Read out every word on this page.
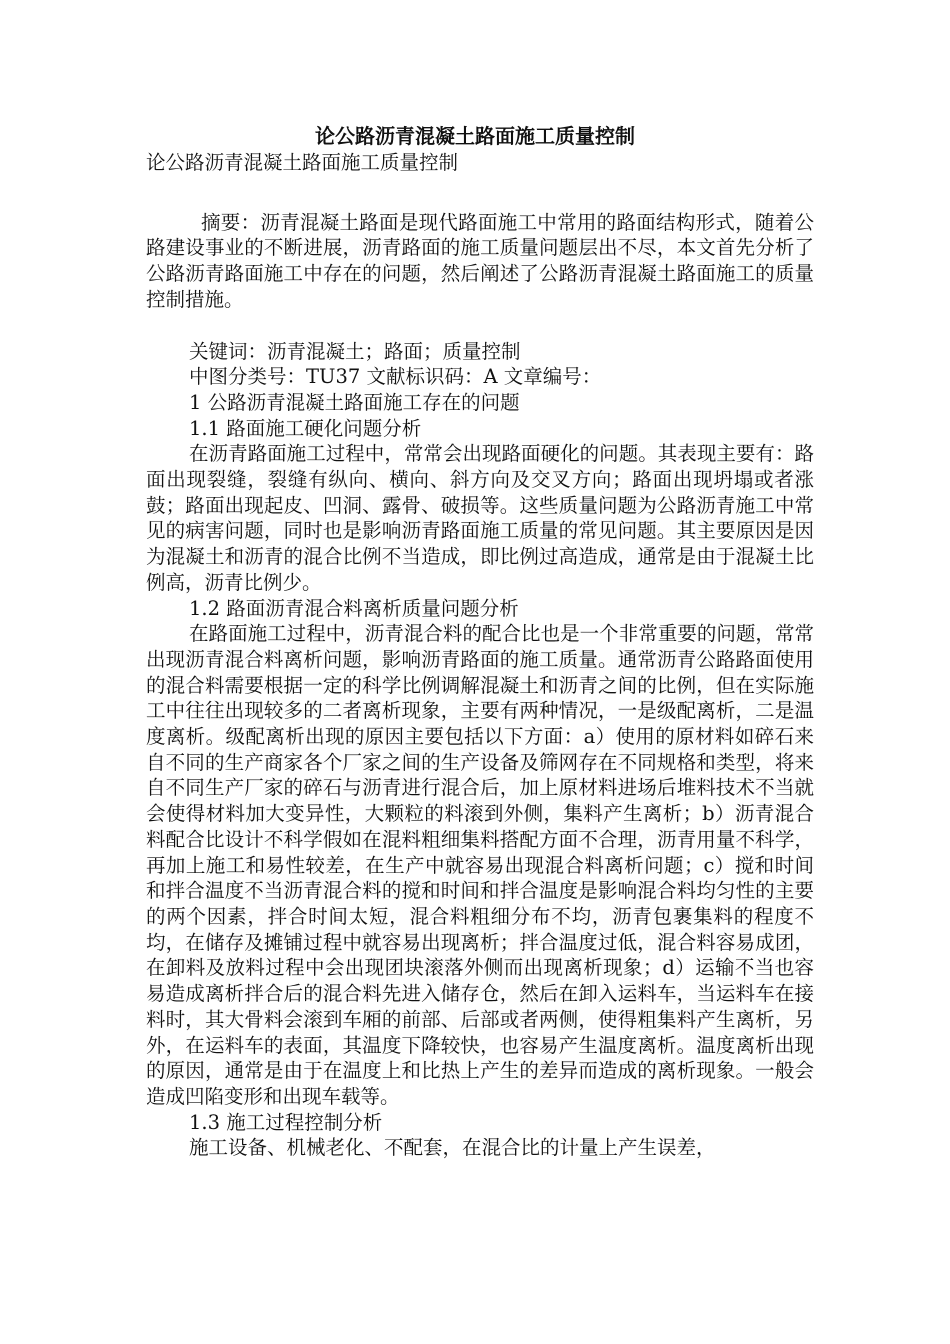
论公路沥青混凝土路面施工质量控制

论公路沥青混凝土路面施工质量控制

摘要：沥青混凝土路面是现代路面施工中常用的路面结构形式，随着公路建设事业的不断进展，沥青路面的施工质量问题层出不尽，本文首先分析了公路沥青路面施工中存在的问题，然后阐述了公路沥青混凝土路面施工的质量控制措施。

关键词：沥青混凝土；路面；质量控制

中图分类号：TU37 文献标识码：A 文章编号：

1 公路沥青混凝土路面施工存在的问题

1.1 路面施工硬化问题分析

在沥青路面施工过程中，常常会出现路面硬化的问题。其表现主要有：路面出现裂缝，裂缝有纵向、横向、斜方向及交叉方向；路面出现坍塌或者涨鼓；路面出现起皮、凹洞、露骨、破损等。这些质量问题为公路沥青施工中常见的病害问题，同时也是影响沥青路面施工质量的常见问题。其主要原因是因为混凝土和沥青的混合比例不当造成，即比例过高造成，通常是由于混凝土比例高，沥青比例少。

1.2 路面沥青混合料离析质量问题分析

在路面施工过程中，沥青混合料的配合比也是一个非常重要的问题，常常出现沥青混合料离析问题，影响沥青路面的施工质量。通常沥青公路路面使用的混合料需要根据一定的科学比例调解混凝土和沥青之间的比例，但在实际施工中往往出现较多的二者离析现象，主要有两种情况，一是级配离析，二是温度离析。级配离析出现的原因主要包括以下方面：a）使用的原材料如碎石来自不同的生产商家各个厂家之间的生产设备及筛网存在不同规格和类型，将来自不同生产厂家的碎石与沥青进行混合后，加上原材料进场后堆料技术不当就会使得材料加大变异性，大颗粒的料滚到外侧，集料产生离析；b）沥青混合料配合比设计不科学假如在混料粗细集料搭配方面不合理，沥青用量不科学，再加上施工和易性较差，在生产中就容易出现混合料离析问题；c）搅和时间和拌合温度不当沥青混合料的搅和时间和拌合温度是影响混合料均匀性的主要的两个因素，拌合时间太短，混合料粗细分布不均，沥青包裹集料的程度不均，在储存及摊铺过程中就容易出现离析；拌合温度过低，混合料容易成团，在卸料及放料过程中会出现团块滚落外侧而出现离析现象；d）运输不当也容易造成离析拌合后的混合料先进入储存仓，然后在卸入运料车，当运料车在接料时，其大骨料会滚到车厢的前部、后部或者两侧，使得粗集料产生离析，另外，在运料车的表面，其温度下降较快，也容易产生温度离析。温度离析出现的原因，通常是由于在温度上和比热上产生的差异而造成的离析现象。一般会造成凹陷变形和出现车载等。

1.3 施工过程控制分析

施工设备、机械老化、不配套，在混合比的计量上产生误差，
